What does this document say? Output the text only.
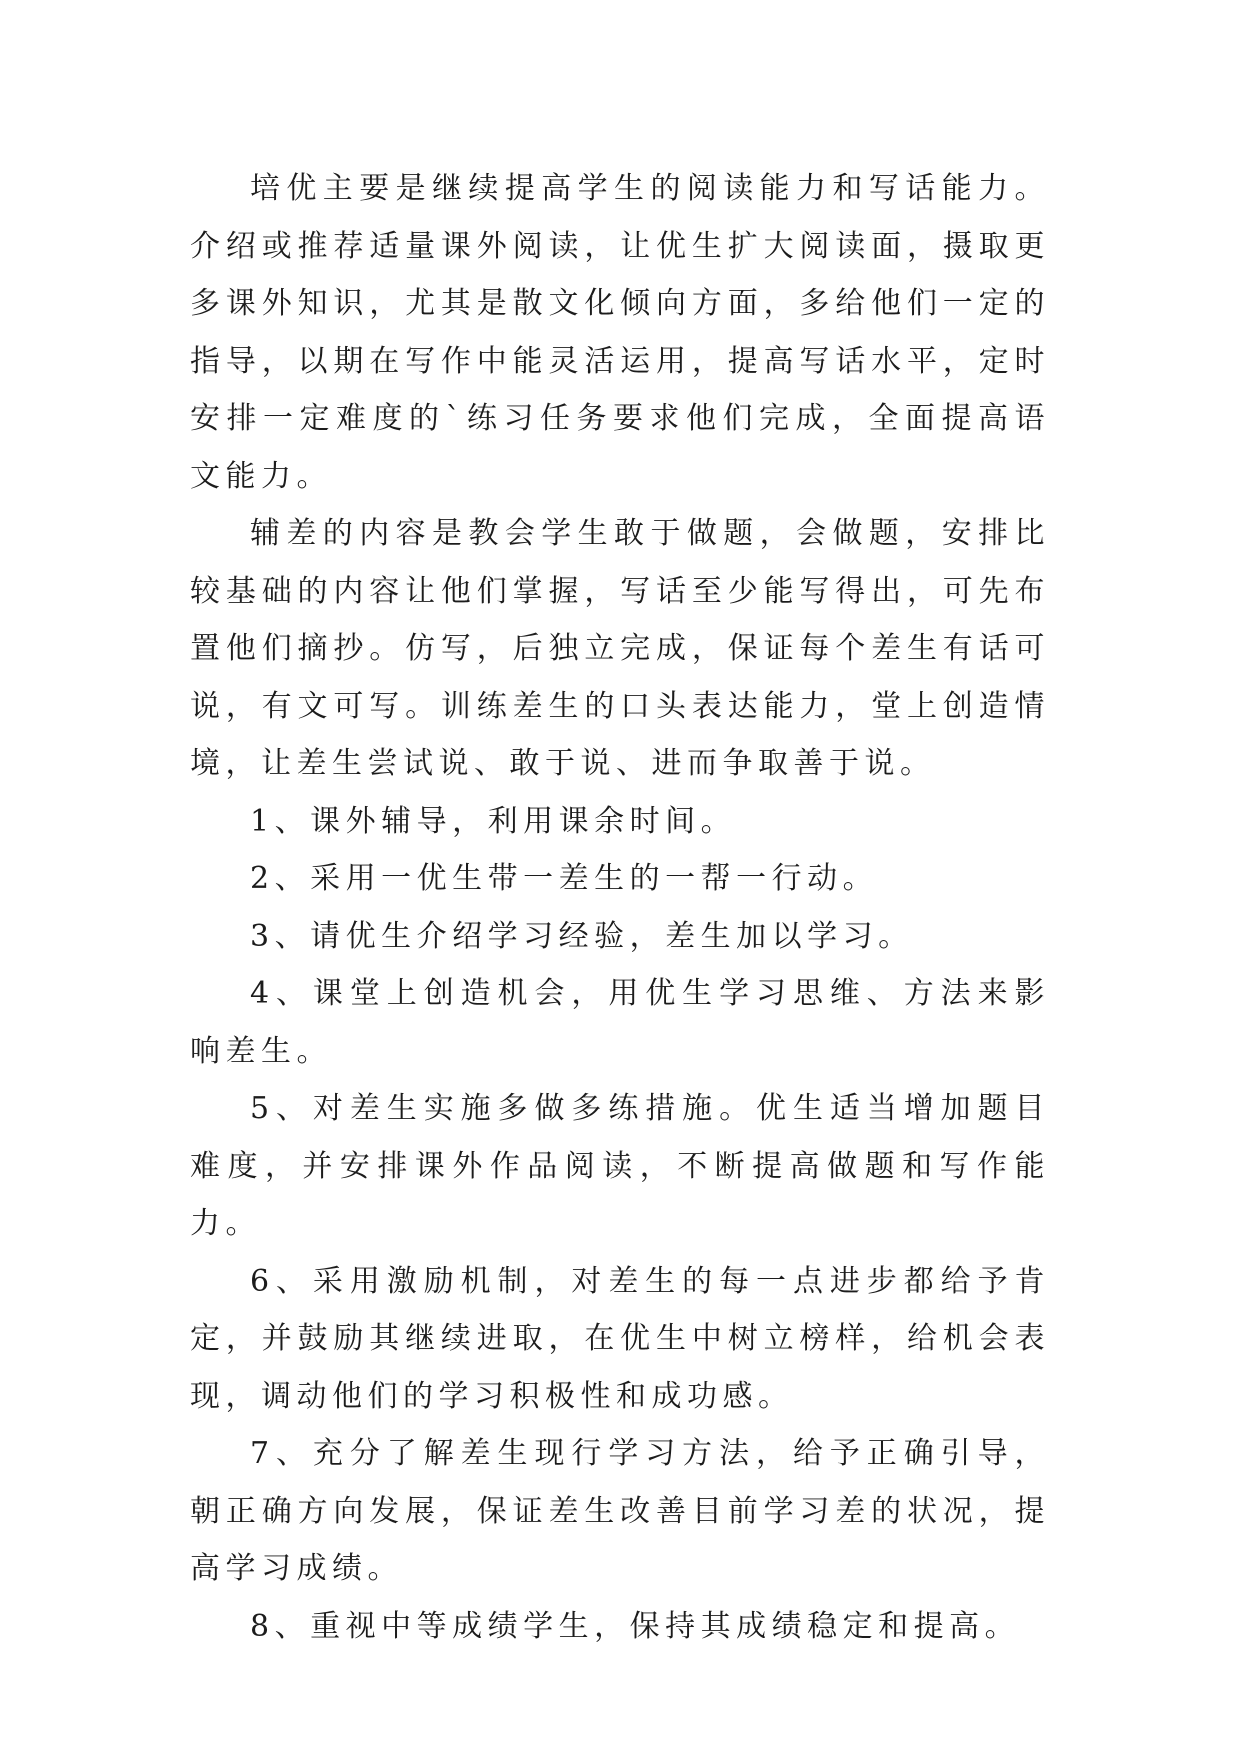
培优主要是继续提高学生的阅读能力和写话能力。介绍或推荐适量课外阅读，让优生扩大阅读面，摄取更多课外知识，尤其是散文化倾向方面，多给他们一定的指导，以期在写作中能灵活运用，提高写话水平，定时安排一定难度的`练习任务要求他们完成，全面提高语文能力。

辅差的内容是教会学生敢于做题，会做题，安排比较基础的内容让他们掌握，写话至少能写得出，可先布置他们摘抄。仿写，后独立完成，保证每个差生有话可说，有文可写。训练差生的口头表达能力，堂上创造情境，让差生尝试说、敢于说、进而争取善于说。

1、课外辅导，利用课余时间。

2、采用一优生带一差生的一帮一行动。

3、请优生介绍学习经验，差生加以学习。

4、课堂上创造机会，用优生学习思维、方法来影响差生。

5、对差生实施多做多练措施。优生适当增加题目难度，并安排课外作品阅读，不断提高做题和写作能力。

6、采用激励机制，对差生的每一点进步都给予肯定，并鼓励其继续进取，在优生中树立榜样，给机会表现，调动他们的学习积极性和成功感。

7、充分了解差生现行学习方法，给予正确引导，朝正确方向发展，保证差生改善目前学习差的状况，提高学习成绩。

8、重视中等成绩学生，保持其成绩稳定和提高。
